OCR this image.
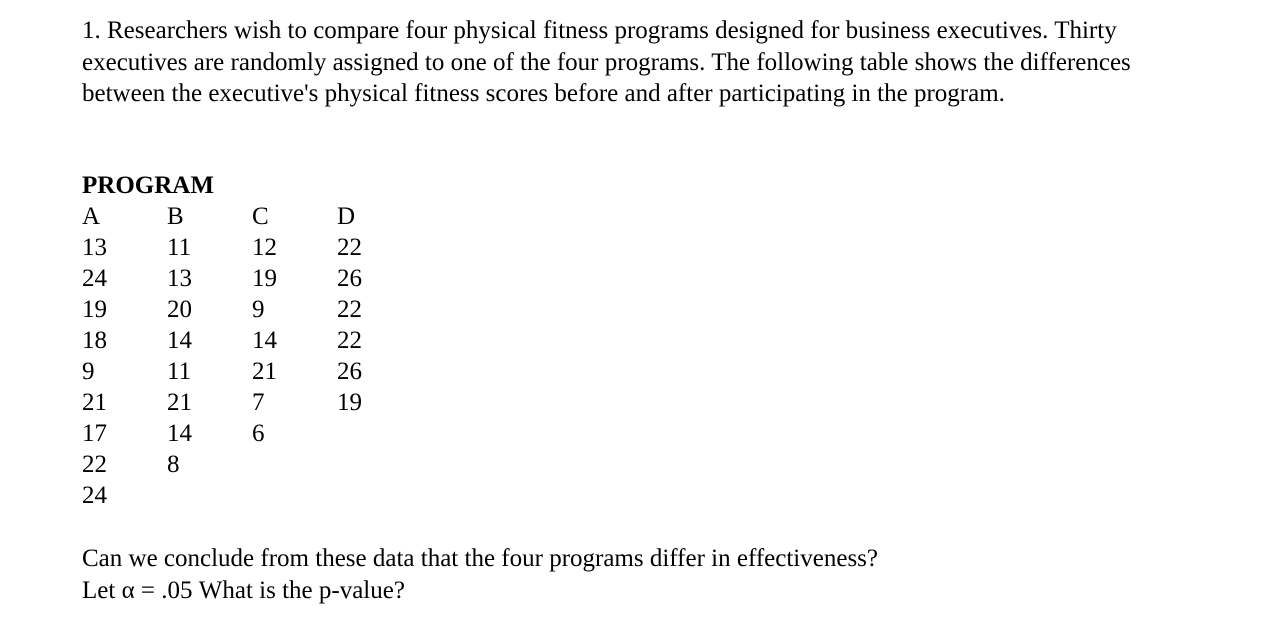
1. Researchers wish to compare four physical fitness programs designed for business executives. Thirty executives are randomly assigned to one of the four programs. The following table shows the differences between the executive's physical fitness scores before and after participating in the program.

PROGRAM

A	B	C	D
13	11	12	22
24	13	19	26
19	20	9	22
18	14	14	22
9	11	21	26
21	21	7	19
17	14	6	
22	8		
24			
Can we conclude from these data that the four programs differ in effectiveness?
Let α = .05 What is the p-value?
